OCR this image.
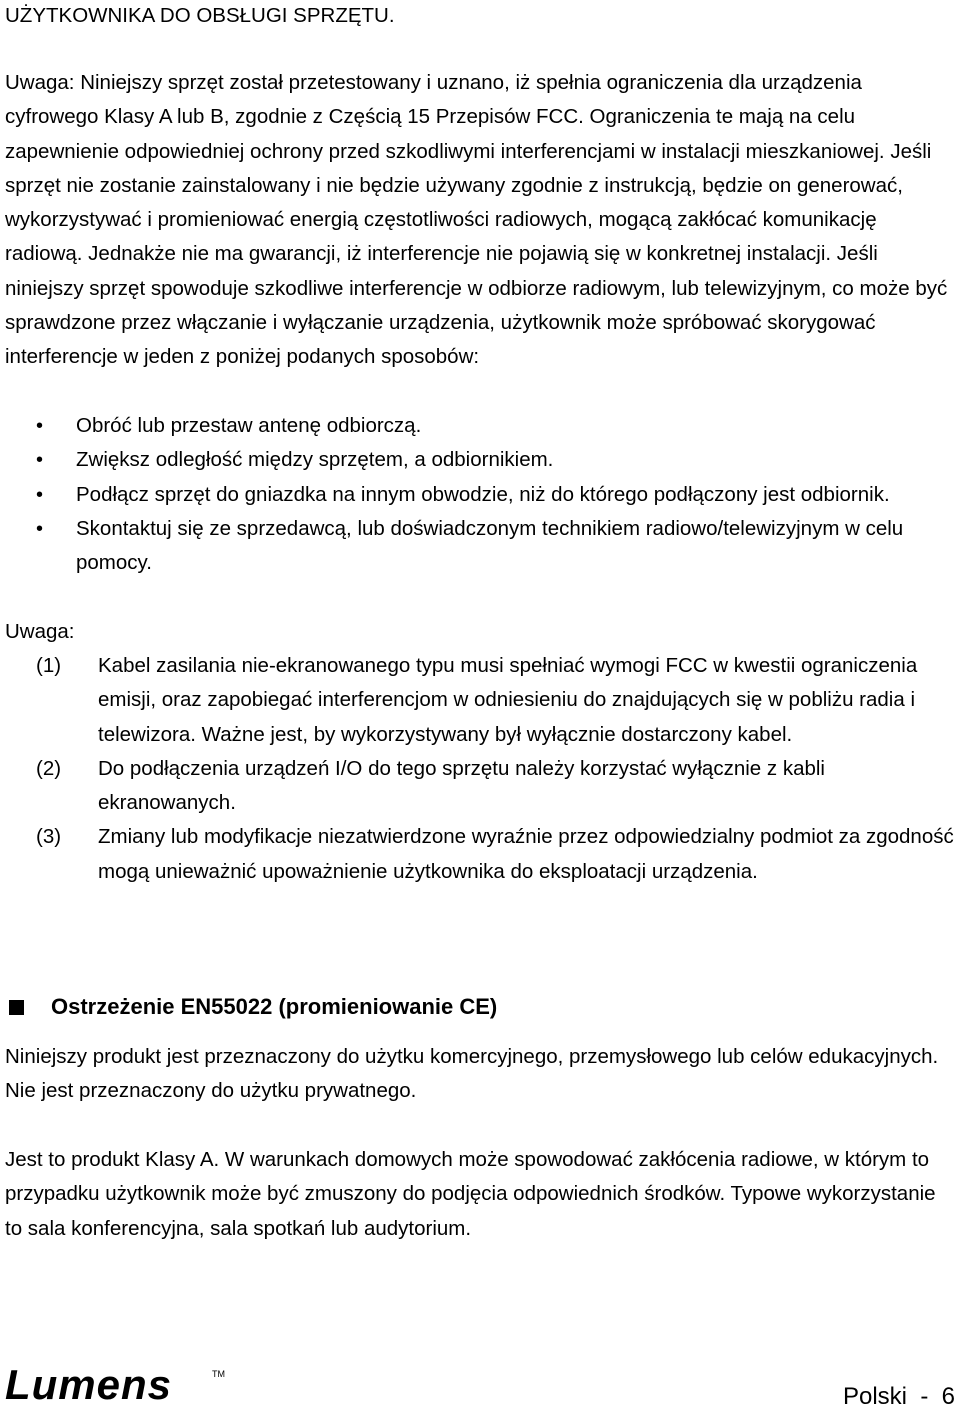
UŻYTKOWNIKA DO OBSŁUGI SPRZĘTU.

Uwaga: Niniejszy sprzęt został przetestowany i uznano, iż spełnia ograniczenia dla urządzenia cyfrowego Klasy A lub B, zgodnie z Częścią 15 Przepisów FCC. Ograniczenia te mają na celu zapewnienie odpowiedniej ochrony przed szkodliwymi interferencjami w instalacji mieszkaniowej. Jeśli sprzęt nie zostanie zainstalowany i nie będzie używany zgodnie z instrukcją, będzie on generować, wykorzystywać i promieniować energią częstotliwości radiowych, mogącą zakłócać komunikację radiową. Jednakże nie ma gwarancji, iż interferencje nie pojawią się w konkretnej instalacji. Jeśli niniejszy sprzęt spowoduje szkodliwe interferencje w odbiorze radiowym, lub telewizyjnym, co może być sprawdzone przez włączanie i wyłączanie urządzenia, użytkownik może spróbować skorygować interferencje w jeden z poniżej podanych sposobów:

• Obróć lub przestaw antenę odbiorczą.
• Zwiększ odległość między sprzętem, a odbiornikiem.
• Podłącz sprzęt do gniazdka na innym obwodzie, niż do którego podłączony jest odbiornik.
• Skontaktuj się ze sprzedawcą, lub doświadczonym technikiem radiowo/telewizyjnym w celu pomocy.

Uwaga:

(1) Kabel zasilania nie-ekranowanego typu musi spełniać wymogi FCC w kwestii ograniczenia emisji, oraz zapobiegać interferencjom w odniesieniu do znajdujących się w pobliżu radia i telewizora. Ważne jest, by wykorzystywany był wyłącznie dostarczony kabel.
(2) Do podłączenia urządzeń I/O do tego sprzętu należy korzystać wyłącznie z kabli ekranowanych.
(3) Zmiany lub modyfikacje niezatwierdzone wyraźnie przez odpowiedzialny podmiot za zgodność mogą unieważnić upoważnienie użytkownika do eksploatacji urządzenia.
Ostrzeżenie EN55022 (promieniowanie CE)

Niniejszy produkt jest przeznaczony do użytku komercyjnego, przemysłowego lub celów edukacyjnych. Nie jest przeznaczony do użytku prywatnego.

Jest to produkt Klasy A. W warunkach domowych może spowodować zakłócenia radiowe, w którym to przypadku użytkownik może być zmuszony do podjęcia odpowiednich środków. Typowe wykorzystanie to sala konferencyjna, sala spotkań lub audytorium.

Lumens	TM
Polski  -  6
